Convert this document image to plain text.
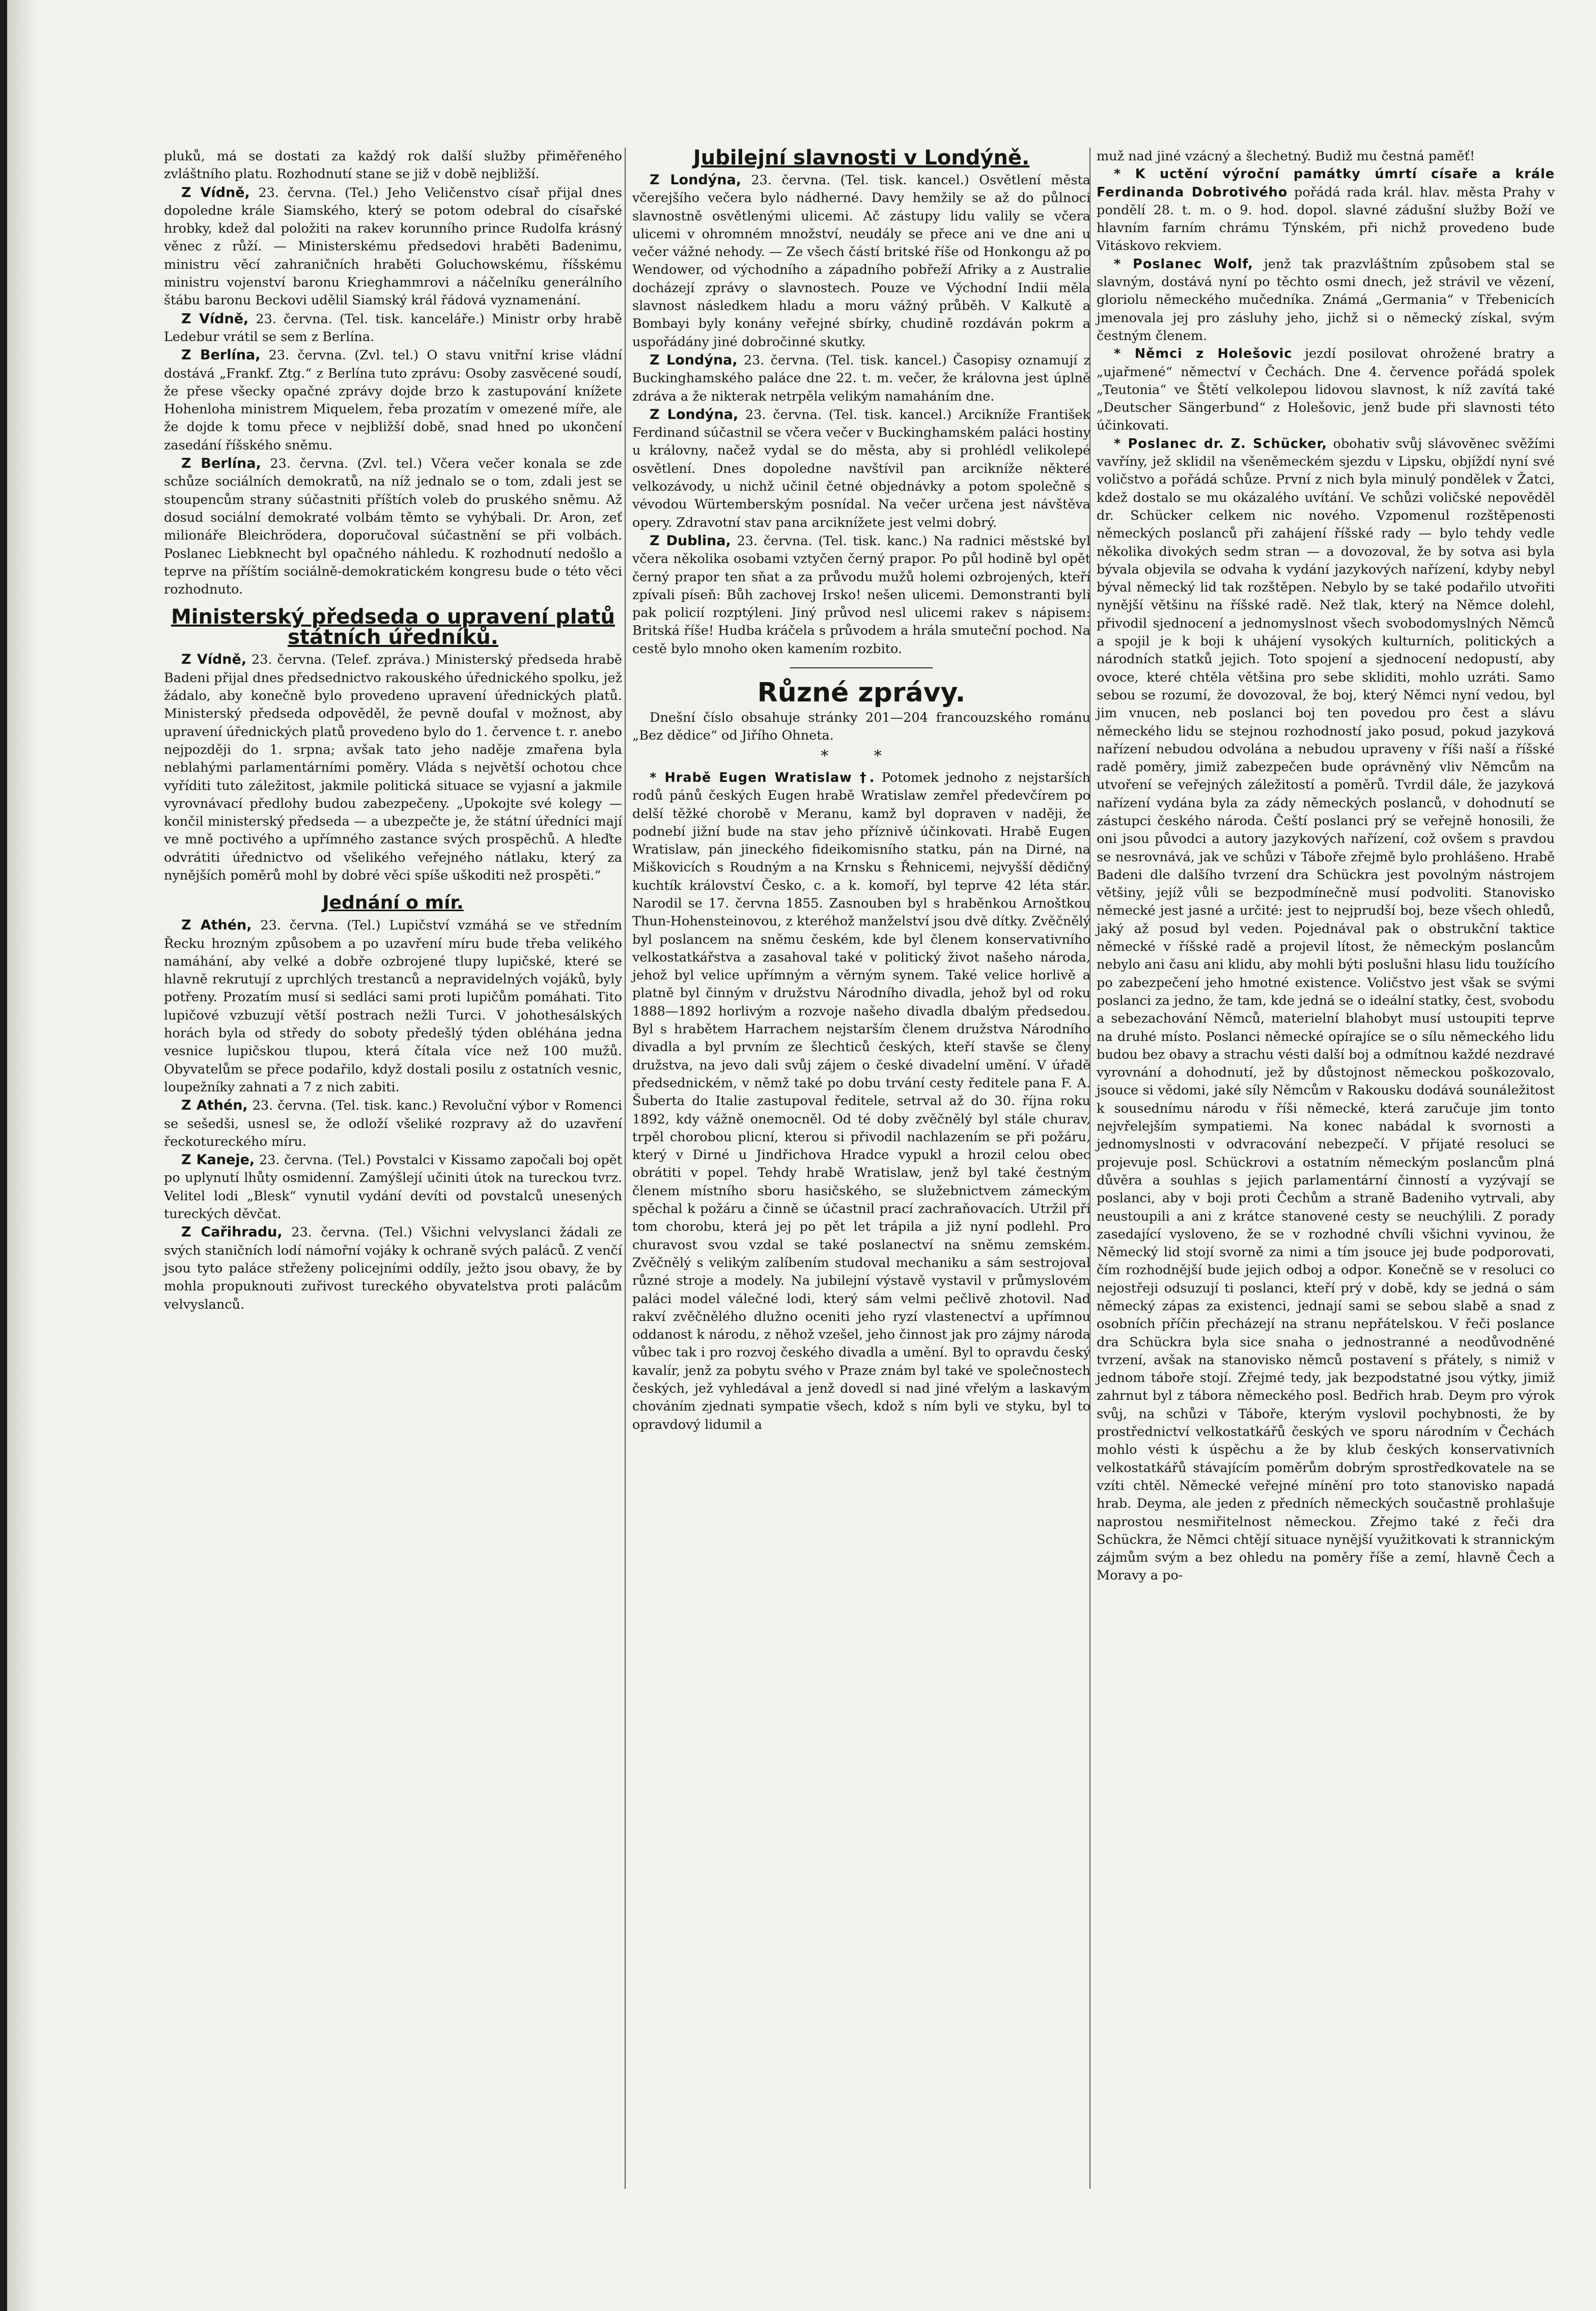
pluků, má se dostati za každý rok další služby přiměřeného zvláštního platu. Rozhodnutí stane se již v době nejbližší.

Z Vídně, 23. června. (Tel.) Jeho Veličenstvo císař přijal dnes dopoledne krále Siamského, který se potom odebral do císařské hrobky, kdež dal položiti na rakev korunního prince Rudolfa krásný věnec z růží. — Ministerskému předsedovi hraběti Badenimu, ministru věcí zahraničních hraběti Goluchowskému, říšskému ministru vojenství baronu Krieghammrovi a náčelníku generálního štábu baronu Beckovi udělil Siamský král řádová vyznamenání.

Z Vídně, 23. června. (Tel. tisk. kanceláře.) Ministr orby hrabě Ledebur vrátil se sem z Berlína.

Z Berlína, 23. června. (Zvl. tel.) O stavu vnitřní krise vládní dostává „Frankf. Ztg.“ z Berlína tuto zprávu: Osoby zasvěcené soudí, že přese všecky opačné zprávy dojde brzo k zastupování knížete Hohenloha ministrem Miquelem, řeba prozatím v omezené míře, ale že dojde k tomu přece v nejbližší době, snad hned po ukončení zasedání říšského sněmu.

Z Berlína, 23. června. (Zvl. tel.) Včera večer konala se zde schůze sociálních demokratů, na níž jednalo se o tom, zdali jest se stoupencům strany súčastniti příštích voleb do pruského sněmu. Až dosud sociální demokraté volbám těmto se vyhýbali. Dr. Aron, zeť milionáře Bleichrödera, doporučoval súčastnění se při volbách. Poslanec Liebknecht byl opačného náhledu. K rozhodnutí nedošlo a teprve na příštím sociálně-demokratickém kongresu bude o této věci rozhodnuto.

Ministerský předseda o upravení platů státních úředníků.

Z Vídně, 23. června. (Telef. zpráva.) Ministerský předseda hrabě Badeni přijal dnes předsednictvo rakouského úřednického spolku, jež žádalo, aby konečně bylo provedeno upravení úřednických platů. Ministerský předseda odpověděl, že pevně doufal v možnost, aby upravení úřednických platů provedeno bylo do 1. července t. r. anebo nejpozději do 1. srpna; avšak tato jeho naděje zmařena byla neblahými parlamentárními poměry. Vláda s největší ochotou chce vyříditi tuto záležitost, jakmile politická situace se vyjasní a jakmile vyrovnávací předlohy budou zabezpečeny. „Upokojte své kolegy — končil ministerský předseda — a ubezpečte je, že státní úředníci mají ve mně poctivého a upřímného zastance svých prospěchů. A hleďte odvrátiti úřednictvo od všelikého veřejného nátlaku, který za nynějších poměrů mohl by dobré věci spíše uškoditi než prospěti.“

Jednání o mír.

Z Athén, 23. června. (Tel.) Lupičství vzmáhá se ve středním Řecku hrozným způsobem a po uzavření míru bude třeba velikého namáhání, aby velké a dobře ozbrojené tlupy lupičské, které se hlavně rekrutují z uprchlých trestanců a nepravidelných vojáků, byly potřeny. Prozatím musí si sedláci sami proti lupičům pomáhati. Tito lupičové vzbuzují větší postrach nežli Turci. V johothesálských horách byla od středy do soboty předešlý týden obléhána jedna vesnice lupičskou tlupou, která čítala více než 100 mužů. Obyvatelům se přece podařilo, když dostali posilu z ostatních vesnic, loupežníky zahnati a 7 z nich zabiti.

Z Athén, 23. června. (Tel. tisk. kanc.) Revoluční výbor v Romenci se sešedši, usnesl se, že odloží všeliké rozpravy až do uzavření řeckotureckého míru.

Z Kaneje, 23. června. (Tel.) Povstalci v Kissamo započali boj opět po uplynutí lhůty osmidenní. Zamýšlejí učiniti útok na tureckou tvrz. Velitel lodi „Blesk“ vynutil vydání devíti od povstalců unesených tureckých děvčat.

Z Cařihradu, 23. června. (Tel.) Všichni velvyslanci žádali ze svých staničních lodí námořní vojáky k ochraně svých paláců. Z venčí jsou tyto paláce střeženy policejními oddíly, ježto jsou obavy, že by mohla propuknouti zuřivost tureckého obyvatelstva proti palácům velvyslanců.

Jubilejní slavnosti v Londýně.

Z Londýna, 23. června. (Tel. tisk. kancel.) Osvětlení města včerejšího večera bylo nádherné. Davy hemžily se až do půlnoci slavnostně osvětlenými ulicemi. Ač zástupy lidu valily se včera ulicemi v ohromném množství, neudály se přece ani ve dne ani u večer vážné nehody. — Ze všech částí britské říše od Honkongu až po Wendower, od východního a západního pobřeží Afriky a z Australie docházejí zprávy o slavnostech. Pouze ve Východní Indii měla slavnost následkem hladu a moru vážný průběh. V Kalkutě a Bombayi byly konány veřejné sbírky, chudině rozdáván pokrm a uspořádány jiné dobročinné skutky.

Z Londýna, 23. června. (Tel. tisk. kancel.) Časopisy oznamují z Buckinghamského paláce dne 22. t. m. večer, že královna jest úplně zdráva a že nikterak netrpěla velikým namaháním dne.

Z Londýna, 23. června. (Tel. tisk. kancel.) Arcikníže František Ferdinand súčastnil se včera večer v Buckinghamském paláci hostiny u královny, načež vydal se do města, aby si prohlédl velikolepé osvětlení. Dnes dopoledne navštívil pan arcikníže některé velkozávody, u nichž učinil četné objednávky a potom společně s vévodou Würtemberským posnídal. Na večer určena jest návštěva opery. Zdravotní stav pana arciknížete jest velmi dobrý.

Z Dublina, 23. června. (Tel. tisk. kanc.) Na radnici městské byl včera několika osobami vztyčen černý prapor. Po půl hodině byl opět černý prapor ten sňat a za průvodu mužů holemi ozbrojených, kteří zpívali píseň: Bůh zachovej Irsko! nešen ulicemi. Demonstranti byli pak policií rozptýleni. Jiný průvod nesl ulicemi rakev s nápisem: Britská říše! Hudba kráčela s průvodem a hrála smuteční pochod. Na cestě bylo mnoho oken kamením rozbito.

Různé zprávy.

Dnešní číslo obsahuje stránky 201—204 francouzského románu „Bez dědice“ od Jiřího Ohneta.

* *

* Hrabě Eugen Wratislaw †. Potomek jednoho z nejstarších rodů pánů českých Eugen hrabě Wratislaw zemřel předevčírem po delší těžké chorobě v Meranu, kamž byl dopraven v naději, že podnebí jižní bude na stav jeho příznivě účinkovati. Hrabě Eugen Wratislaw, pán jineckého fideikomisního statku, pán na Dirné, na Miškovicích s Roudným a na Krnsku s Řehnicemi, nejvyšší dědičný kuchtík království Česko, c. a k. komoří, byl teprve 42 léta stár. Narodil se 17. června 1855. Zasnouben byl s hraběnkou Arnoštkou Thun-Hohensteinovou, z kteréhož manželství jsou dvě dítky. Zvěčnělý byl poslancem na sněmu českém, kde byl členem konservativního velkostatkářstva a zasahoval také v politický život našeho národa, jehož byl velice upřímným a věrným synem. Také velice horlivě a platně byl činným v družstvu Národního divadla, jehož byl od roku 1888—1892 horlivým a rozvoje našeho divadla dbalým předsedou. Byl s hrabětem Harrachem nejstarším členem družstva Národního divadla a byl prvním ze šlechticů českých, kteří stavše se členy družstva, na jevo dali svůj zájem o české divadelní umění. V úřadě předsednickém, v němž také po dobu trvání cesty ředitele pana F. A. Šuberta do Italie zastupoval ředitele, setrval až do 30. října roku 1892, kdy vážně onemocněl. Od té doby zvěčnělý byl stále churav, trpěl chorobou plicní, kterou si přivodil nachlazením se při požáru, který v Dirné u Jindřichova Hradce vypukl a hrozil celou obec obrátiti v popel. Tehdy hrabě Wratislaw, jenž byl také čestným členem místního sboru hasičského, se služebnictvem zámeckým spěchal k požáru a činně se účastnil prací zachraňovacích. Utržil při tom chorobu, která jej po pět let trápila a již nyní podlehl. Pro churavost svou vzdal se také poslanectví na sněmu zemském. Zvěčnělý s velikým zalíbením studoval mechaniku a sám sestrojoval různé stroje a modely. Na jubilejní výstavě vystavil v průmyslovém paláci model válečné lodi, který sám velmi pečlivě zhotovil. Nad rakví zvěčnělého dlužno oceniti jeho ryzí vlastenectví a upřímnou oddanost k národu, z něhož vzešel, jeho činnost jak pro zájmy národa vůbec tak i pro rozvoj českého divadla a umění. Byl to opravdu český kavalír, jenž za pobytu svého v Praze znám byl také ve společnostech českých, jež vyhledával a jenž dovedl si nad jiné vřelým a laskavým chováním zjednati sympatie všech, kdož s ním byli ve styku, byl to opravdový lidumil a

muž nad jiné vzácný a šlechetný. Budiž mu čestná paměť!

* K uctění výroční památky úmrtí císaře a krále Ferdinanda Dobrotivého pořádá rada král. hlav. města Prahy v pondělí 28. t. m. o 9. hod. dopol. slavné zádušní služby Boží ve hlavním farním chrámu Týnském, při nichž provedeno bude Vitáskovo rekviem.

* Poslanec Wolf, jenž tak prazvláštním způsobem stal se slavným, dostává nyní po těchto osmi dnech, jež strávil ve vězení, gloriolu německého mučedníka. Známá „Germania“ v Třebenicích jmenovala jej pro zásluhy jeho, jichž si o německý získal, svým čestným členem.

* Němci z Holešovic jezdí posilovat ohrožené bratry a „ujařmené“ němectví v Čechách. Dne 4. července pořádá spolek „Teutonia“ ve Štětí velkolepou lidovou slavnost, k níž zavítá také „Deutscher Sängerbund“ z Holešovic, jenž bude při slavnosti této účinkovati.

* Poslanec dr. Z. Schücker, obohativ svůj slávověnec svěžími vavříny, jež sklidil na všeněmeckém sjezdu v Lipsku, objíždí nyní své voličstvo a pořádá schůze. První z nich byla minulý pondělek v Žatci, kdež dostalo se mu okázalého uvítání. Ve schůzi voličské nepověděl dr. Schücker celkem nic nového. Vzpomenul rozštěpenosti německých poslanců při zahájení říšské rady — bylo tehdy vedle několika divokých sedm stran — a dovozoval, že by sotva asi byla bývala objevila se odvaha k vydání jazykových nařízení, kdyby nebyl býval německý lid tak rozštěpen. Nebylo by se také podařilo utvořiti nynější většinu na říšské radě. Než tlak, který na Němce dolehl, přivodil sjednocení a jednomyslnost všech svobodomyslných Němců a spojil je k boji k uhájení vysokých kulturních, politických a národních statků jejich. Toto spojení a sjednocení nedopustí, aby ovoce, které chtěla většina pro sebe skliditi, mohlo uzráti. Samo sebou se rozumí, že dovozoval, že boj, který Němci nyní vedou, byl jim vnucen, neb poslanci boj ten povedou pro čest a slávu německého lidu se stejnou rozhodností jako posud, pokud jazyková nařízení nebudou odvolána a nebudou upraveny v říši naší a říšské radě poměry, jimiž zabezpečen bude oprávněný vliv Němcům na utvoření se veřejných záležitostí a poměrů. Tvrdil dále, že jazyková nařízení vydána byla za zády německých poslanců, v dohodnutí se zástupci českého národa. Čeští poslanci prý se veřejně honosili, že oni jsou původci a autory jazykových nařízení, což ovšem s pravdou se nesrovnává, jak ve schůzi v Táboře zřejmě bylo prohlášeno. Hrabě Badeni dle dalšího tvrzení dra Schückra jest povolným nástrojem většiny, jejíž vůli se bezpodmínečně musí podvoliti. Stanovisko německé jest jasné a určité: jest to nejprudší boj, beze všech ohledů, jaký až posud byl veden. Pojednával pak o obstrukční taktice německé v říšské radě a projevil lítost, že německým poslancům nebylo ani času ani klidu, aby mohli býti poslušni hlasu lidu toužícího po zabezpečení jeho hmotné existence. Voličstvo jest však se svými poslanci za jedno, že tam, kde jedná se o ideální statky, čest, svobodu a sebezachování Němců, materielní blahobyt musí ustoupiti teprve na druhé místo. Poslanci německé opírajíce se o sílu německého lidu budou bez obavy a strachu vésti další boj a odmítnou každé nezdravé vyrovnání a dohodnutí, jež by důstojnost německou poškozovalo, jsouce si vědomi, jaké síly Němcům v Rakousku dodává sounáležitost k sousednímu národu v říši německé, která zaručuje jim tonto nejvřelejším sympatiemi. Na konec nabádal k svornosti a jednomyslnosti v odvracování nebezpečí. V přijaté resoluci se projevuje posl. Schückrovi a ostatním německým poslancům plná důvěra a souhlas s jejich parlamentární činností a vyzývají se poslanci, aby v boji proti Čechům a straně Badeniho vytrvali, aby neustoupili a ani z krátce stanovené cesty se neuchýlili. Z porady zasedající vysloveno, že se v rozhodné chvíli všichni vyvinou, že Německý lid stojí svorně za nimi a tím jsouce jej bude podporovati, čím rozhodnější bude jejich odboj a odpor. Konečně se v resoluci co nejostřeji odsuzují ti poslanci, kteří prý v době, kdy se jedná o sám německý zápas za existenci, jednají sami se sebou slabě a snad z osobních příčin přecházejí na stranu nepřátelskou. V řeči poslance dra Schückra byla sice snaha o jednostranné a neodůvodněné tvrzení, avšak na stanovisko němců postavení s přátely, s nimiž v jednom táboře stojí. Zřejmé tedy, jak bezpodstatné jsou výtky, jimiž zahrnut byl z tábora německého posl. Bedřich hrab. Deym pro výrok svůj, na schůzi v Táboře, kterým vyslovil pochybnosti, že by prostřednictví velkostatkářů českých ve sporu národním v Čechách mohlo vésti k úspěchu a že by klub českých konservativních velkostatkářů stávajícím poměrům dobrým sprostředkovatele na se vzíti chtěl. Německé veřejné mínění pro toto stanovisko napadá hrab. Deyma, ale jeden z předních německých součastně prohlašuje naprostou nesmiřitelnost německou. Zřejmo také z řeči dra Schückra, že Němci chtějí situace nynější využitkovati k strannickým zájmům svým a bez ohledu na poměry říše a zemí, hlavně Čech a Moravy a po-
